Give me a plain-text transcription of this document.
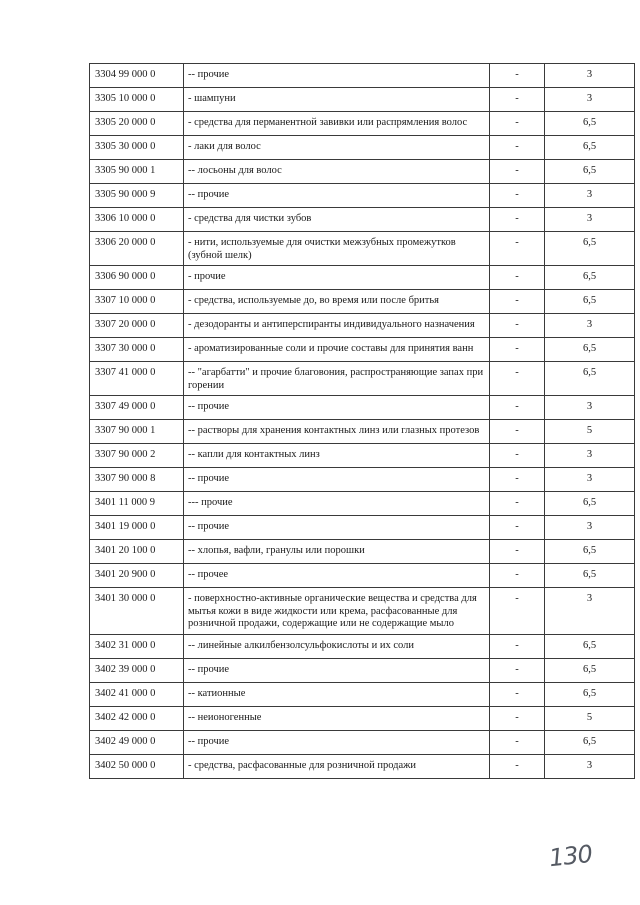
3304 99 000 0	-- прочие	-	3
3305 10 000 0	- шампуни	-	3
3305 20 000 0	- средства для перманентной завивки или распрямления волос	-	6,5
3305 30 000 0	- лаки для волос	-	6,5
3305 90 000 1	-- лосьоны для волос	-	6,5
3305 90 000 9	-- прочие	-	3
3306 10 000 0	- средства для чистки зубов	-	3
3306 20 000 0	- нити, используемые для очистки межзубных промежутков (зубной шелк)	-	6,5
3306 90 000 0	- прочие	-	6,5
3307 10 000 0	- средства, используемые до, во время или после бритья	-	6,5
3307 20 000 0	- дезодоранты и антиперспиранты индивидуального назначения	-	3
3307 30 000 0	- ароматизированные соли и прочие составы для принятия ванн	-	6,5
3307 41 000 0	-- "агарбатти" и прочие благовония, распространяющие запах при горении	-	6,5
3307 49 000 0	-- прочие	-	3
3307 90 000 1	-- растворы для хранения контактных линз или глазных протезов	-	5
3307 90 000 2	-- капли для контактных линз	-	3
3307 90 000 8	-- прочие	-	3
3401 11 000 9	--- прочие	-	6,5
3401 19 000 0	-- прочие	-	3
3401 20 100 0	-- хлопья, вафли, гранулы или порошки	-	6,5
3401 20 900 0	-- прочее	-	6,5
3401 30 000 0	- поверхностно-активные органические вещества и средства для мытья кожи в виде жидкости или крема, расфасованные для розничной продажи, содержащие или не содержащие мыло	-	3
3402 31 000 0	-- линейные алкилбензолсульфокислоты и их соли	-	6,5
3402 39 000 0	-- прочие	-	6,5
3402 41 000 0	-- катионные	-	6,5
3402 42 000 0	-- неионогенные	-	5
3402 49 000 0	-- прочие	-	6,5
3402 50 000 0	- средства, расфасованные для розничной продажи	-	3
130
